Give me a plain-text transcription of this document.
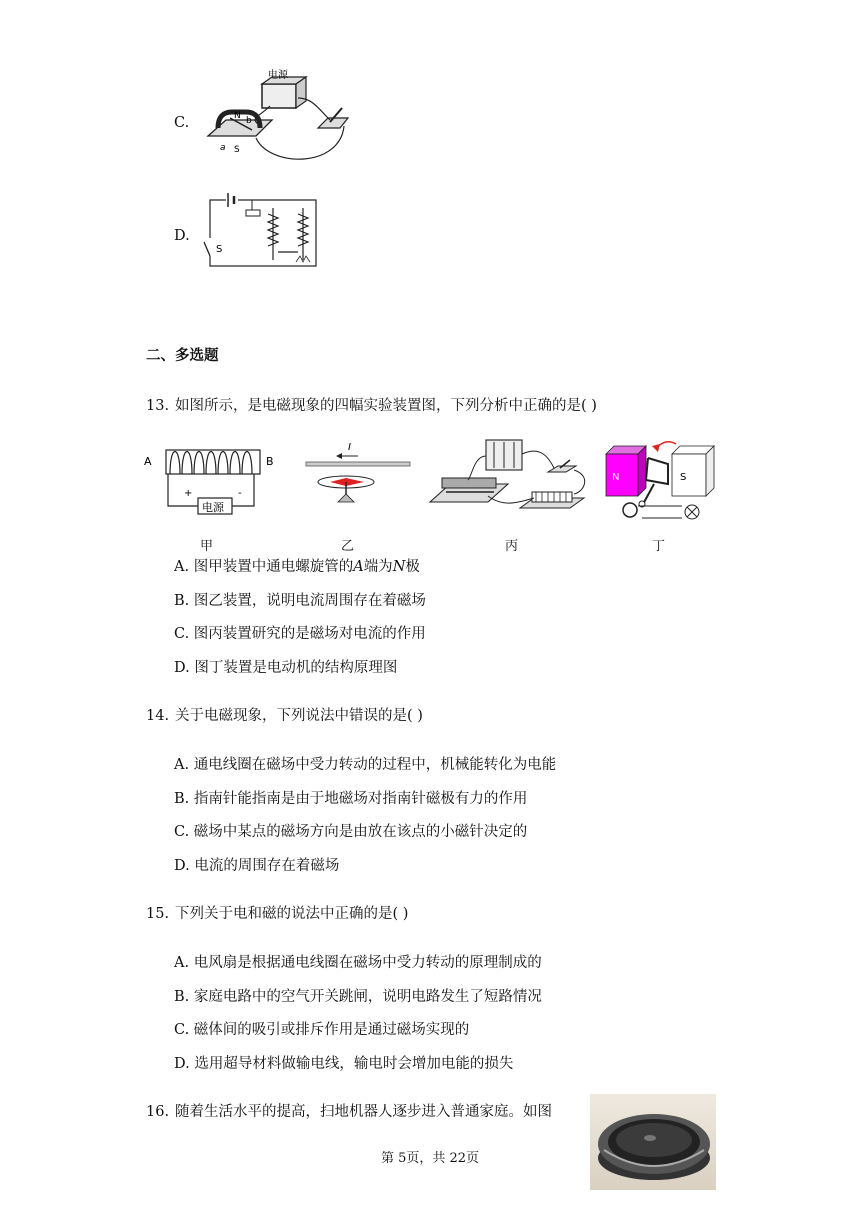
C.
电源
N b
a S
D.
S
二、多选题
13. 如图所示，是电磁现象的四幅实验装置图，下列分析中正确的是( )
A	B
电源
+	-
I
N	S
甲	乙	丙	丁
A. 图甲装置中通电螺旋管的A端为N极
B. 图乙装置，说明电流周围存在着磁场
C. 图丙装置研究的是磁场对电流的作用
D. 图丁装置是电动机的结构原理图
14. 关于电磁现象，下列说法中错误的是( )
A. 通电线圈在磁场中受力转动的过程中，机械能转化为电能
B. 指南针能指南是由于地磁场对指南针磁极有力的作用
C. 磁场中某点的磁场方向是由放在该点的小磁针决定的
D. 电流的周围存在着磁场
15. 下列关于电和磁的说法中正确的是( )
A. 电风扇是根据通电线圈在磁场中受力转动的原理制成的
B. 家庭电路中的空气开关跳闸，说明电路发生了短路情况
C. 磁体间的吸引或排斥作用是通过磁场实现的
D. 选用超导材料做输电线，输电时会增加电能的损失
16. 随着生活水平的提高，扫地机器人逐步进入普通家庭。如图
第 5页，共 22页
